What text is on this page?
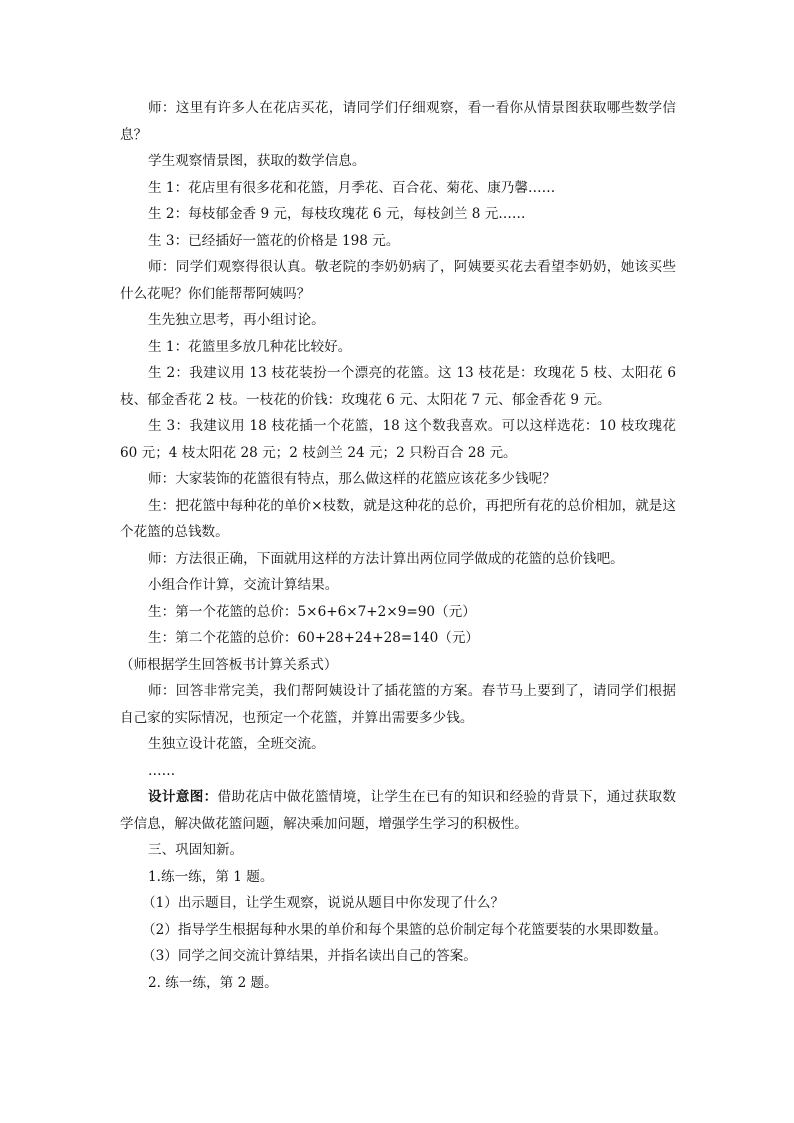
师：这里有许多人在花店买花，请同学们仔细观察，看一看你从情景图获取哪些数学信息？

学生观察情景图，获取的数学信息。

生 1：花店里有很多花和花篮，月季花、百合花、菊花、康乃馨……

生 2：每枝郁金香 9 元，每枝玫瑰花 6 元，每枝剑兰 8 元……

生 3：已经插好一篮花的价格是 198 元。

师：同学们观察得很认真。敬老院的李奶奶病了，阿姨要买花去看望李奶奶，她该买些什么花呢？你们能帮帮阿姨吗？

生先独立思考，再小组讨论。

生 1：花篮里多放几种花比较好。

生 2：我建议用 13 枝花装扮一个漂亮的花篮。这 13 枝花是：玫瑰花 5 枝、太阳花 6 枝、郁金香花 2 枝。一枝花的价钱：玫瑰花 6 元、太阳花 7 元、郁金香花 9 元。

生 3：我建议用 18 枝花插一个花篮，18 这个数我喜欢。可以这样选花：10 枝玫瑰花 60 元；4 枝太阳花 28 元；2 枝剑兰 24 元；2 只粉百合 28 元。

师：大家装饰的花篮很有特点，那么做这样的花篮应该花多少钱呢？

生：把花篮中每种花的单价×枝数，就是这种花的总价，再把所有花的总价相加，就是这个花篮的总钱数。

师：方法很正确，下面就用这样的方法计算出两位同学做成的花篮的总价钱吧。

小组合作计算，交流计算结果。

生：第一个花篮的总价：5×6+6×7+2×9=90（元）

生：第二个花篮的总价：60+28+24+28=140（元）

（师根据学生回答板书计算关系式）

师：回答非常完美，我们帮阿姨设计了插花篮的方案。春节马上要到了，请同学们根据自己家的实际情况，也预定一个花篮，并算出需要多少钱。

生独立设计花篮，全班交流。

……

设计意图：借助花店中做花篮情境，让学生在已有的知识和经验的背景下，通过获取数学信息，解决做花篮问题，解决乘加问题，增强学生学习的积极性。

三、巩固知新。

1.练一练，第 1 题。

（1）出示题目，让学生观察，说说从题目中你发现了什么？

（2）指导学生根据每种水果的单价和每个果篮的总价制定每个花篮要装的水果即数量。

（3）同学之间交流计算结果，并指名读出自己的答案。

2. 练一练，第 2 题。
